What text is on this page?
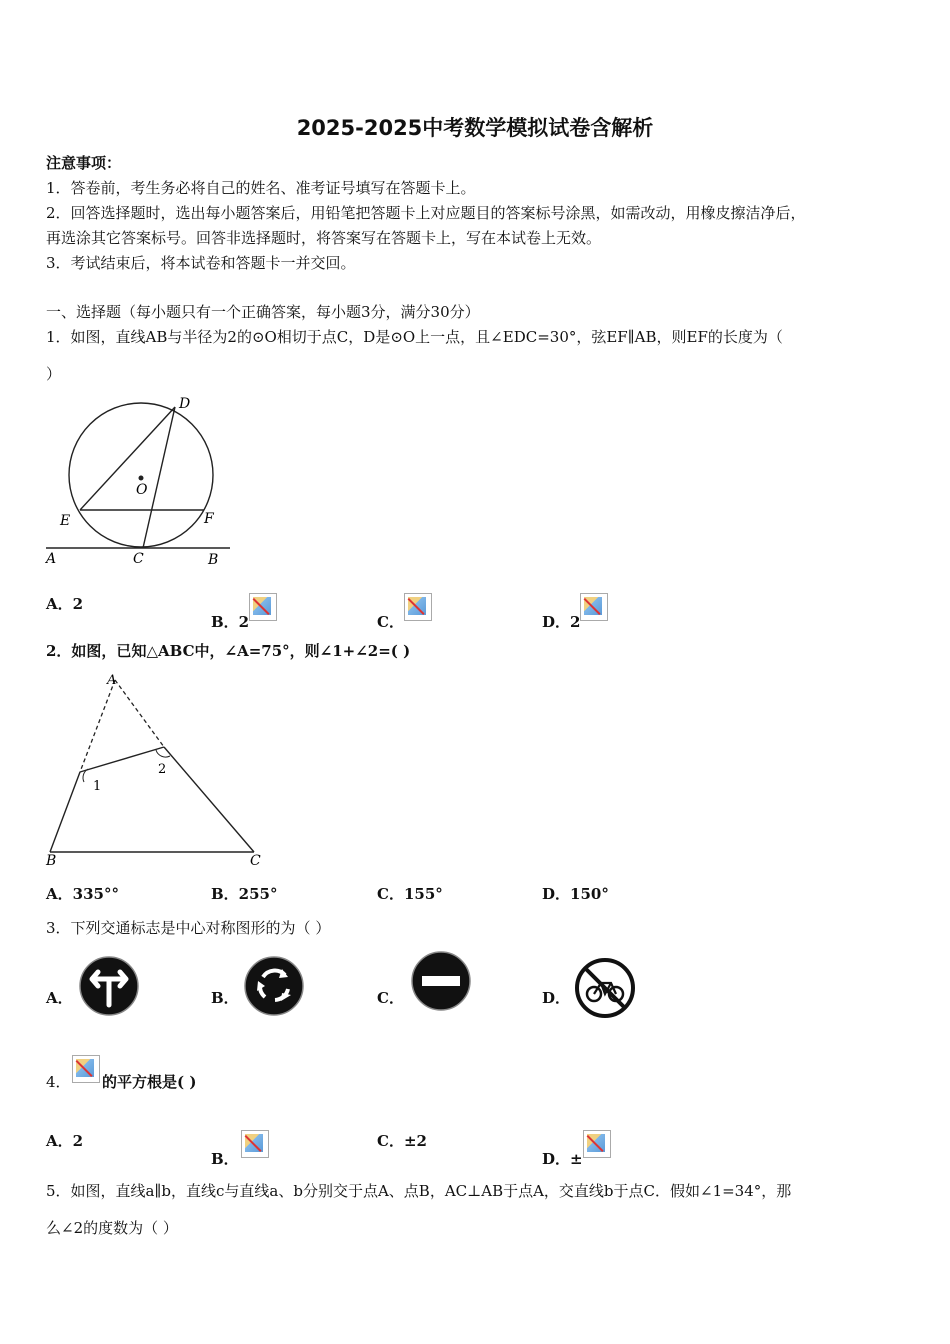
2025-2025中考数学模拟试卷含解析
注意事项：
1．答卷前，考生务必将自己的姓名、准考证号填写在答题卡上。
2．回答选择题时，选出每小题答案后，用铅笔把答题卡上对应题目的答案标号涂黑，如需改动，用橡皮擦洁净后，
再选涂其它答案标号。回答非选择题时，将答案写在答题卡上，写在本试卷上无效。
3．考试结束后，将本试卷和答题卡一并交回。
一、选择题（每小题只有一个正确答案，每小题3分，满分30分）
1．如图，直线AB与半径为2的⊙O相切于点C，D是⊙O上一点，且∠EDC=30°，弦EF∥AB，则EF的长度为（
）
D
O
E	F
A	C	B
A．2
B．2	C．	D．2
2．如图，已知△ABC中，∠A=75°，则∠1+∠2=( )
A
1
2
B	C
A．335°°	B．255°	C．155°	D．150°
3．下列交通标志是中心对称图形的为（ ）
A．	B．	C．	D．
4． 的平方根是( )
A．2
B．
C．±2
D．±
5．如图，直线a∥b，直线c与直线a、b分别交于点A、点B，AC⊥AB于点A，交直线b于点C．假如∠1=34°，那
么∠2的度数为（ ）
